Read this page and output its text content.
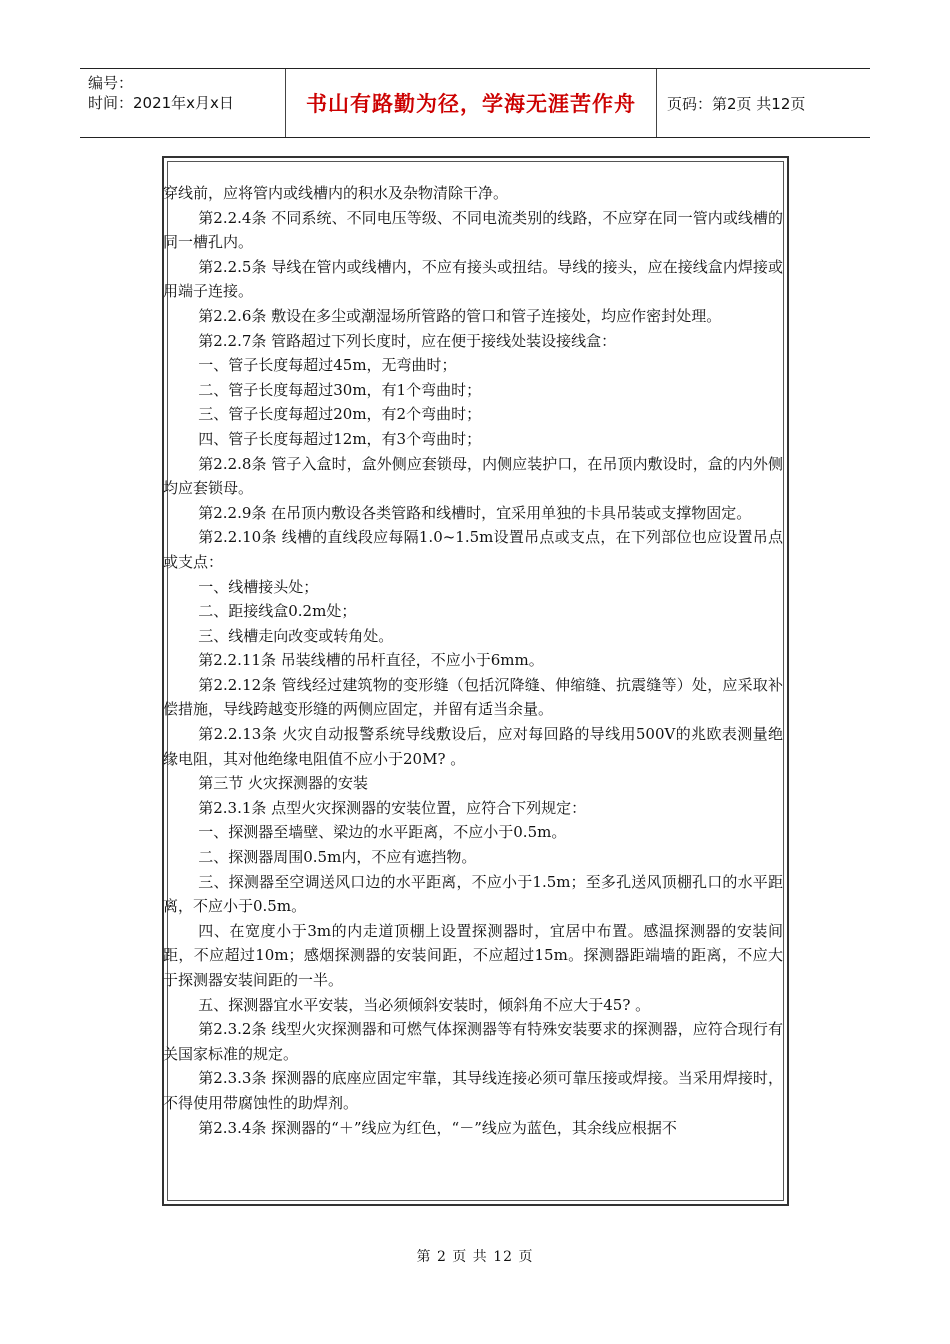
编号：
时间：2021年x月x日	书山有路勤为径，学海无涯苦作舟 页码：第2页 共12页

穿线前，应将管内或线槽内的积水及杂物清除干净。

第2.2.4条 不同系统、不同电压等级、不同电流类别的线路，不应穿在同一管内或线槽的同一槽孔内。

第2.2.5条 导线在管内或线槽内，不应有接头或扭结。导线的接头，应在接线盒内焊接或用端子连接。

第2.2.6条 敷设在多尘或潮湿场所管路的管口和管子连接处，均应作密封处理。

第2.2.7条 管路超过下列长度时，应在便于接线处装设接线盒：

一、管子长度每超过45m，无弯曲时；

二、管子长度每超过30m，有1个弯曲时；

三、管子长度每超过20m，有2个弯曲时；

四、管子长度每超过12m，有3个弯曲时；

第2.2.8条 管子入盒时，盒外侧应套锁母，内侧应装护口，在吊顶内敷设时，盒的内外侧均应套锁母。

第2.2.9条 在吊顶内敷设各类管路和线槽时，宜采用单独的卡具吊装或支撑物固定。

第2.2.10条 线槽的直线段应每隔1.0~1.5m设置吊点或支点，在下列部位也应设置吊点或支点：

一、线槽接头处；

二、距接线盒0.2m处；

三、线槽走向改变或转角处。

第2.2.11条 吊装线槽的吊杆直径，不应小于6mm。

第2.2.12条 管线经过建筑物的变形缝（包括沉降缝、伸缩缝、抗震缝等）处，应采取补偿措施，导线跨越变形缝的两侧应固定，并留有适当余量。

第2.2.13条 火灾自动报警系统导线敷设后，应对每回路的导线用500V的兆欧表测量绝缘电阻，其对他绝缘电阻值不应小于20M? 。

第三节 火灾探测器的安装

第2.3.1条 点型火灾探测器的安装位置，应符合下列规定：

一、探测器至墙壁、梁边的水平距离，不应小于0.5m。

二、探测器周围0.5m内，不应有遮挡物。

三、探测器至空调送风口边的水平距离，不应小于1.5m；至多孔送风顶棚孔口的水平距离，不应小于0.5m。

四、在宽度小于3m的内走道顶棚上设置探测器时，宜居中布置。感温探测器的安装间距，不应超过10m；感烟探测器的安装间距，不应超过15m。探测器距端墙的距离，不应大于探测器安装间距的一半。

五、探测器宜水平安装，当必须倾斜安装时，倾斜角不应大于45? 。

第2.3.2条 线型火灾探测器和可燃气体探测器等有特殊安装要求的探测器，应符合现行有关国家标准的规定。

第2.3.3条 探测器的底座应固定牢靠，其导线连接必须可靠压接或焊接。当采用焊接时，不得使用带腐蚀性的助焊剂。

第2.3.4条 探测器的“＋”线应为红色，“－”线应为蓝色，其余线应根据不

第 2 页 共 12 页
